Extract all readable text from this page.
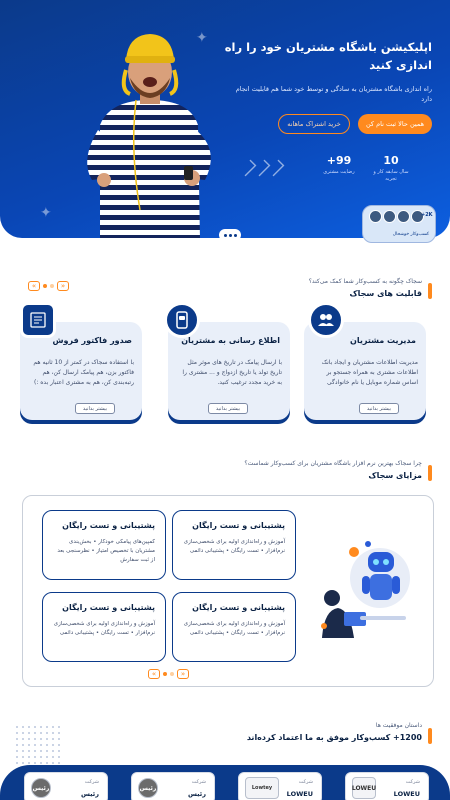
✦
✦
اپلیکیشن باشگاه مشتریان خود را راه اندازی کنید

راه اندازی باشگاه مشتریان به سادگی و توسط خود شما هم قابلیت انجام دارد

همین حالا ثبت نام کن
خرید اشتراک ماهانه
10
سال سابقه کار و تجربه
+99
رضایت مشتری
+2K
کسب‌وکار خوشحال
سجاک چگونه به کسب‌وکار شما کمک می‌کند؟
قابلیت های سجاک
«	»
مدیریت مشتریان
مدیریت اطلاعات مشتریان و ایجاد بانک اطلاعات مشتری به همراه جستجو بر اساس شماره موبایل یا نام خانوادگی
بیشتر بدانید
اطلاع رسانی به مشتریان
با ارسال پیامک در تاریخ های موثر مثل تاریخ تولد یا تاریخ ازدواج و ... مشتری را به خرید مجدد ترغیب کنید.
بیشتر بدانید
صدور فاکتور فروش
با استفاده سجاک در کمتر از 10 ثانیه هم فاکتور بزن، هم پیامک ارسال کن، هم رتبه‌بندی کن، هم به مشتری اعتبار بده :)
بیشتر بدانید
چرا سجاک بهترین نرم افزار باشگاه مشتریان برای کسب‌وکار شماست؟
مزایای سجاک
پشتیبانی و تست رایگان
آموزش و راه‌اندازی اولیه برای شخصی‌سازی نرم‌افزار • تست رایگان • پشتیبانی دائمی
پشتیبانی و تست رایگان
کمپین‌های پیامکی خودکار • بخش‌بندی مشتریان با تخصیص امتیاز • نظرسنجی بعد از ثبت سفارش
پشتیبانی و تست رایگان
آموزش و راه‌اندازی اولیه برای شخصی‌سازی نرم‌افزار • تست رایگان • پشتیبانی دائمی
پشتیبانی و تست رایگان
آموزش و راه‌اندازی اولیه برای شخصی‌سازی نرم‌افزار • تست رایگان • پشتیبانی دائمی
«	»
داستان موفقیت ها
1200+ کسب‌وکار موفق به ما اعتماد کرده‌اند
LOWEU
شرکت
LOWEU
Lowtey
شرکت
LOWEU
رئیس
شرکت
رئیس
رئیس
شرکت
رئیس
